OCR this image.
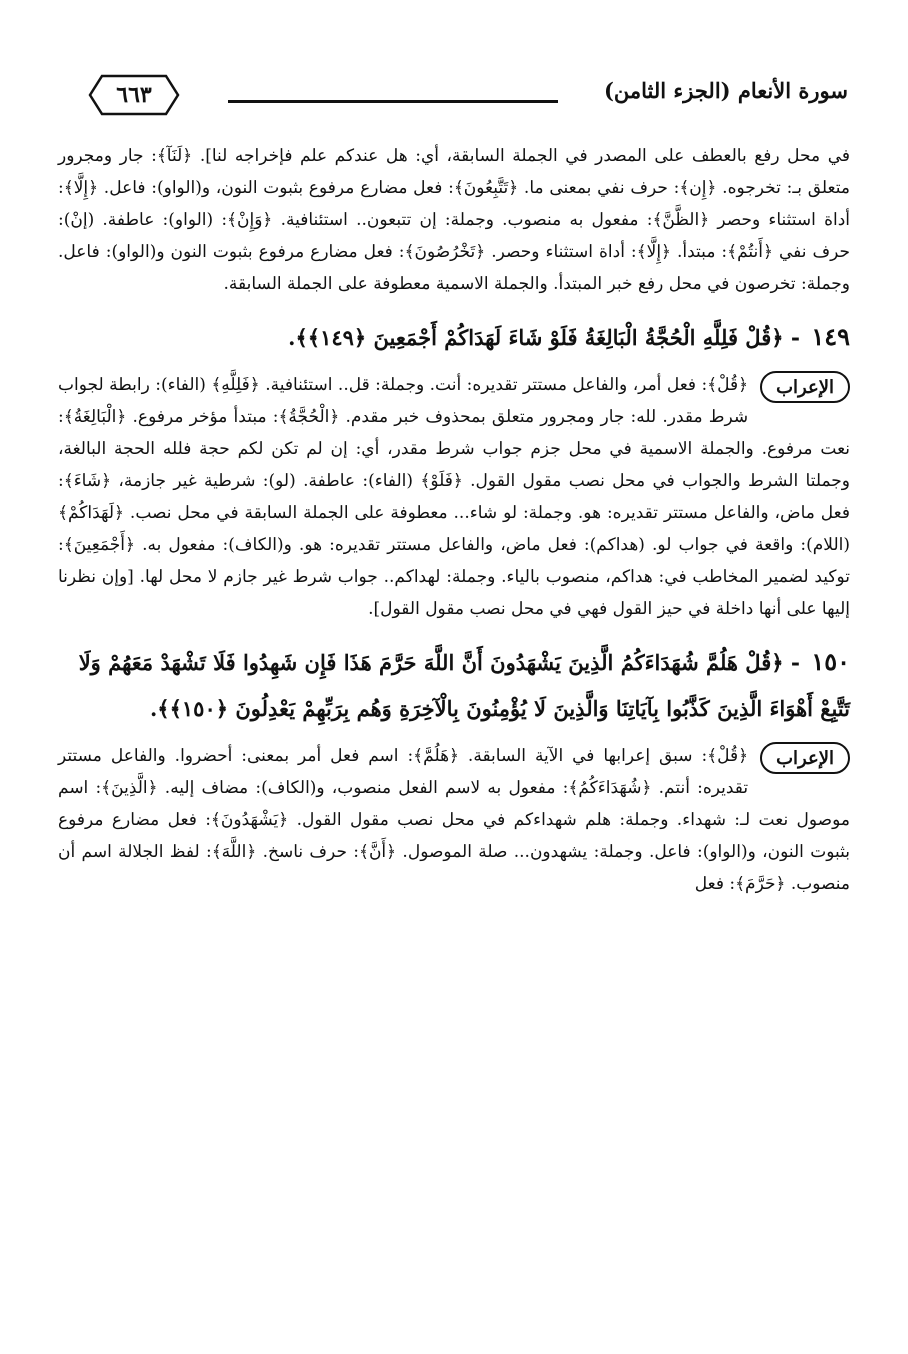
سورة الأنعام (الجزء الثامن)
٦٦٣

في محل رفع بالعطف على المصدر في الجملة السابقة، أي: هل عندكم علم فإخراجه لنا]. ﴿لَنَآ﴾: جار ومجرور متعلق بـ: تخرجوه. ﴿إِن﴾: حرف نفي بمعنى ما. ﴿تَتَّبِعُونَ﴾: فعل مضارع مرفوع بثبوت النون، و(الواو): فاعل. ﴿إِلَّا﴾: أداة استثناء وحصر ﴿الظَّنَّ﴾: مفعول به منصوب. وجملة: إن تتبعون.. استئنافية. ﴿وَإِنْ﴾: (الواو): عاطفة. (إنْ): حرف نفي ﴿أَنتُمْ﴾: مبتدأ. ﴿إِلَّا﴾: أداة استثناء وحصر. ﴿تَخْرُصُونَ﴾: فعل مضارع مرفوع بثبوت النون و(الواو): فاعل. وجملة: تخرصون في محل رفع خبر المبتدأ. والجملة الاسمية معطوفة على الجملة السابقة.

١٤٩ - ﴿قُلْ فَلِلَّهِ الْحُجَّةُ الْبَالِغَةُ فَلَوْ شَاءَ لَهَدَاكُمْ أَجْمَعِينَ ﴿١٤٩﴾﴾.
الإعراب
﴿قُلْ﴾: فعل أمر، والفاعل مستتر تقديره: أنت. وجملة: قل.. استئنافية. ﴿فَلِلَّهِ﴾ (الفاء): رابطة لجواب شرط مقدر. لله: جار ومجرور متعلق بمحذوف خبر مقدم. ﴿الْحُجَّةُ﴾: مبتدأ مؤخر مرفوع. ﴿الْبَالِغَةُ﴾: نعت مرفوع. والجملة الاسمية في محل جزم جواب شرط مقدر، أي: إن لم تكن لكم حجة فلله الحجة البالغة، وجملتا الشرط والجواب في محل نصب مقول القول. ﴿فَلَوْ﴾ (الفاء): عاطفة. (لو): شرطية غير جازمة، ﴿شَاءَ﴾: فعل ماض، والفاعل مستتر تقديره: هو. وجملة: لو شاء... معطوفة على الجملة السابقة في محل نصب. ﴿لَهَدَاكُمْ﴾ (اللام): واقعة في جواب لو. (هداكم): فعل ماض، والفاعل مستتر تقديره: هو. و(الكاف): مفعول به. ﴿أَجْمَعِينَ﴾: توكيد لضمير المخاطب في: هداكم، منصوب بالياء. وجملة: لهداكم.. جواب شرط غير جازم لا محل لها. [وإن نظرنا إليها على أنها داخلة في حيز القول فهي في محل نصب مقول القول].
١٥٠ - ﴿قُلْ هَلُمَّ شُهَدَاءَكُمُ الَّذِينَ يَشْهَدُونَ أَنَّ اللَّهَ حَرَّمَ هَذَا فَإِن شَهِدُوا فَلَا تَشْهَدْ مَعَهُمْ وَلَا تَتَّبِعْ أَهْوَاءَ الَّذِينَ كَذَّبُوا بِآيَاتِنَا وَالَّذِينَ لَا يُؤْمِنُونَ بِالْآخِرَةِ وَهُم بِرَبِّهِمْ يَعْدِلُونَ ﴿١٥٠﴾﴾.
الإعراب
﴿قُلْ﴾: سبق إعرابها في الآية السابقة. ﴿هَلُمَّ﴾: اسم فعل أمر بمعنى: أحضروا. والفاعل مستتر تقديره: أنتم. ﴿شُهَدَاءَكُمُ﴾: مفعول به لاسم الفعل منصوب، و(الكاف): مضاف إليه. ﴿الَّذِينَ﴾: اسم موصول نعت لـ: شهداء. وجملة: هلم شهداءكم في محل نصب مقول القول. ﴿يَشْهَدُونَ﴾: فعل مضارع مرفوع بثبوت النون، و(الواو): فاعل. وجملة: يشهدون... صلة الموصول. ﴿أَنَّ﴾: حرف ناسخ. ﴿اللَّهَ﴾: لفظ الجلالة اسم أن منصوب. ﴿حَرَّمَ﴾: فعل
